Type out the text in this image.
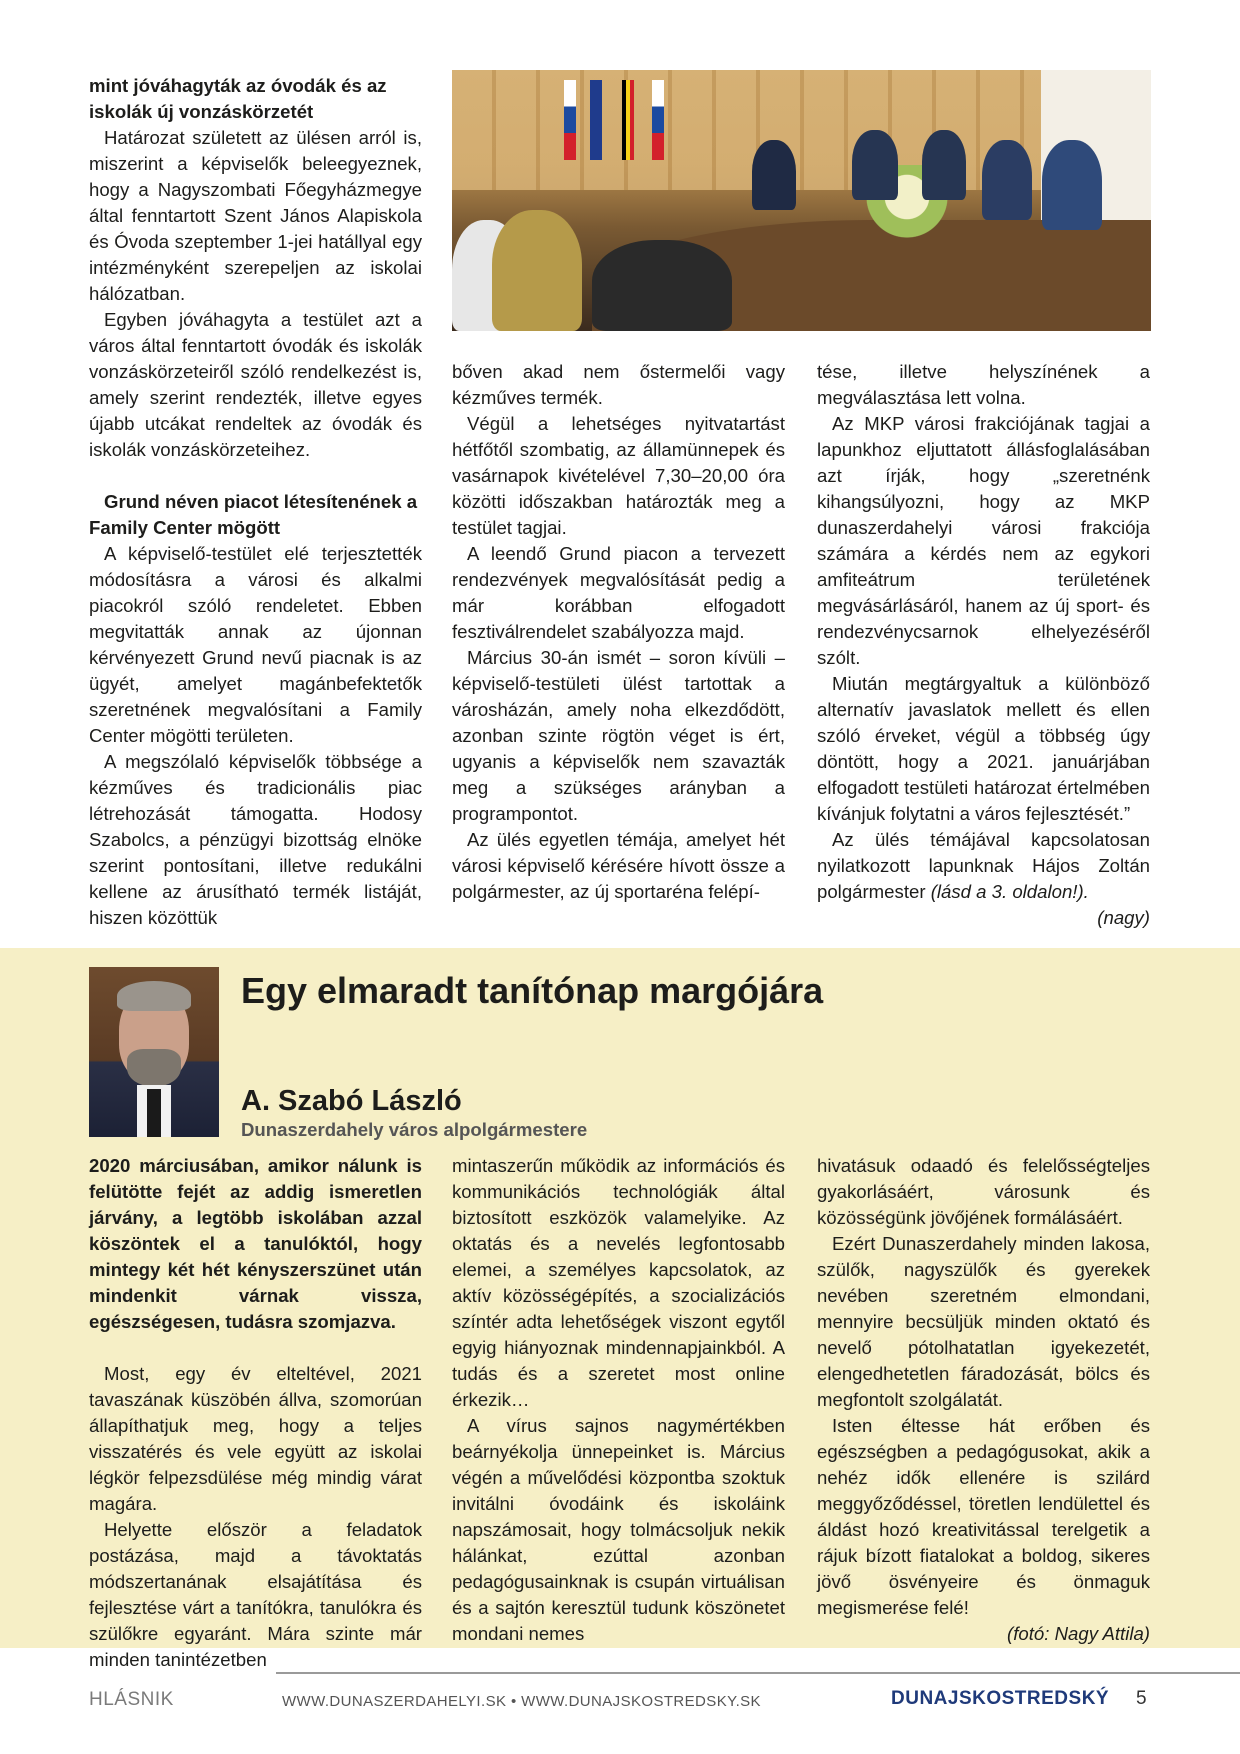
mint jóváhagyták az óvodák és az iskolák új vonzáskörzetét

Határozat született az ülésen arról is, miszerint a képviselők beleegyeznek, hogy a Nagyszombati Főegyházmegye által fenntartott Szent János Alapiskola és Óvoda szeptember 1-jei hatállyal egy intézményként szerepeljen az iskolai hálózatban.

Egyben jóváhagyta a testület azt a város által fenntartott óvodák és iskolák vonzáskörzeteiről szóló rendelkezést is, amely szerint rendezték, illetve egyes újabb utcákat rendeltek az óvodák és iskolák vonzáskörzeteihez.

Grund néven piacot létesítenének a Family Center mögött

A képviselő-testület elé terjesztették módosításra a városi és alkalmi piacokról szóló rendeletet. Ebben megvitatták annak az újonnan kérvényezett Grund nevű piacnak is az ügyét, amelyet magánbefektetők szeretnének megvalósítani a Family Center mögötti területen.

A megszólaló képviselők többsége a kézműves és tradicionális piac létrehozását támogatta. Hodosy Szabolcs, a pénzügyi bizottság elnöke szerint pontosítani, illetve redukálni kellene az árusítható termék listáját, hiszen közöttük

bőven akad nem őstermelői vagy kézműves termék.

Végül a lehetséges nyitvatartást hétfőtől szombatig, az államünnepek és vasárnapok kivételével 7,30–20,00 óra közötti időszakban határozták meg a testület tagjai.

A leendő Grund piacon a tervezett rendezvények megvalósítását pedig a már korábban elfogadott fesztiválrendelet szabályozza majd.

Március 30-án ismét – soron kívüli – képviselő-testületi ülést tartottak a városházán, amely noha elkezdődött, azonban szinte rögtön véget is ért, ugyanis a képviselők nem szavazták meg a szükséges arányban a programpontot.

Az ülés egyetlen témája, amelyet hét városi képviselő kérésére hívott össze a polgármester, az új sportaréna felépí-

tése, illetve helyszínének a megválasztása lett volna.

Az MKP városi frakciójának tagjai a lapunkhoz eljuttatott állásfoglalásában azt írják, hogy „szeretnénk kihangsúlyozni, hogy az MKP dunaszerdahelyi városi frakciója számára a kérdés nem az egykori amfiteátrum területének megvásárlásáról, hanem az új sport- és rendezvénycsarnok elhelyezéséről szólt.

Miután megtárgyaltuk a különböző alternatív javaslatok mellett és ellen szóló érveket, végül a többség úgy döntött, hogy a 2021. januárjában elfogadott testületi határozat értelmében kívánjuk folytatni a város fejlesztését.”

Az ülés témájával kapcsolatosan nyilatkozott lapunknak Hájos Zoltán polgármester (lásd a 3. oldalon!).

(nagy)

Egy elmaradt tanítónap margójára
A. Szabó László
Dunaszerdahely város alpolgármestere

2020 márciusában, amikor nálunk is felütötte fejét az addig ismeretlen járvány, a legtöbb iskolában azzal köszöntek el a tanulóktól, hogy mintegy két hét kényszerszünet után mindenkit várnak vissza, egészségesen, tudásra szomjazva.

Most, egy év elteltével, 2021 tavaszának küszöbén állva, szomorúan állapíthatjuk meg, hogy a teljes visszatérés és vele együtt az iskolai légkör felpezsdülése még mindig várat magára.

Helyette először a feladatok postázása, majd a távoktatás módszertanának elsajátítása és fejlesztése várt a tanítókra, tanulókra és szülőkre egyaránt. Mára szinte már minden tanintézetben

mintaszerűn működik az információs és kommunikációs technológiák által biztosított eszközök valamelyike. Az oktatás és a nevelés legfontosabb elemei, a személyes kapcsolatok, az aktív közösségépítés, a szocializációs színtér adta lehetőségek viszont egytől egyig hiányoznak mindennapjainkból. A tudás és a szeretet most online érkezik…

A vírus sajnos nagymértékben beárnyékolja ünnepeinket is. Március végén a művelődési központba szoktuk invitálni óvodáink és iskoláink napszámosait, hogy tolmácsoljuk nekik hálánkat, ezúttal azonban pedagógusainknak is csupán virtuálisan és a sajtón keresztül tudunk köszönetet mondani nemes

hivatásuk odaadó és felelősségteljes gyakorlásáért, városunk és közösségünk jövőjének formálásáért.

Ezért Dunaszerdahely minden lakosa, szülők, nagyszülők és gyerekek nevében szeretném elmondani, mennyire becsüljük minden oktató és nevelő pótolhatatlan igyekezetét, elengedhetetlen fáradozását, bölcs és megfontolt szolgálatát.

Isten éltesse hát erőben és egészségben a pedagógusokat, akik a nehéz idők ellenére is szilárd meggyőződéssel, töretlen lendülettel és áldást hozó kreativitással terelgetik a rájuk bízott fiatalokat a boldog, sikeres jövő ösvényeire és önmaguk megismerése felé!

(fotó: Nagy Attila)

HLÁSNIK	WWW.DUNASZERDAHELYI.SK • WWW.DUNAJSKOSTREDSKY.SK	DUNAJSKOSTREDSKÝ 5
